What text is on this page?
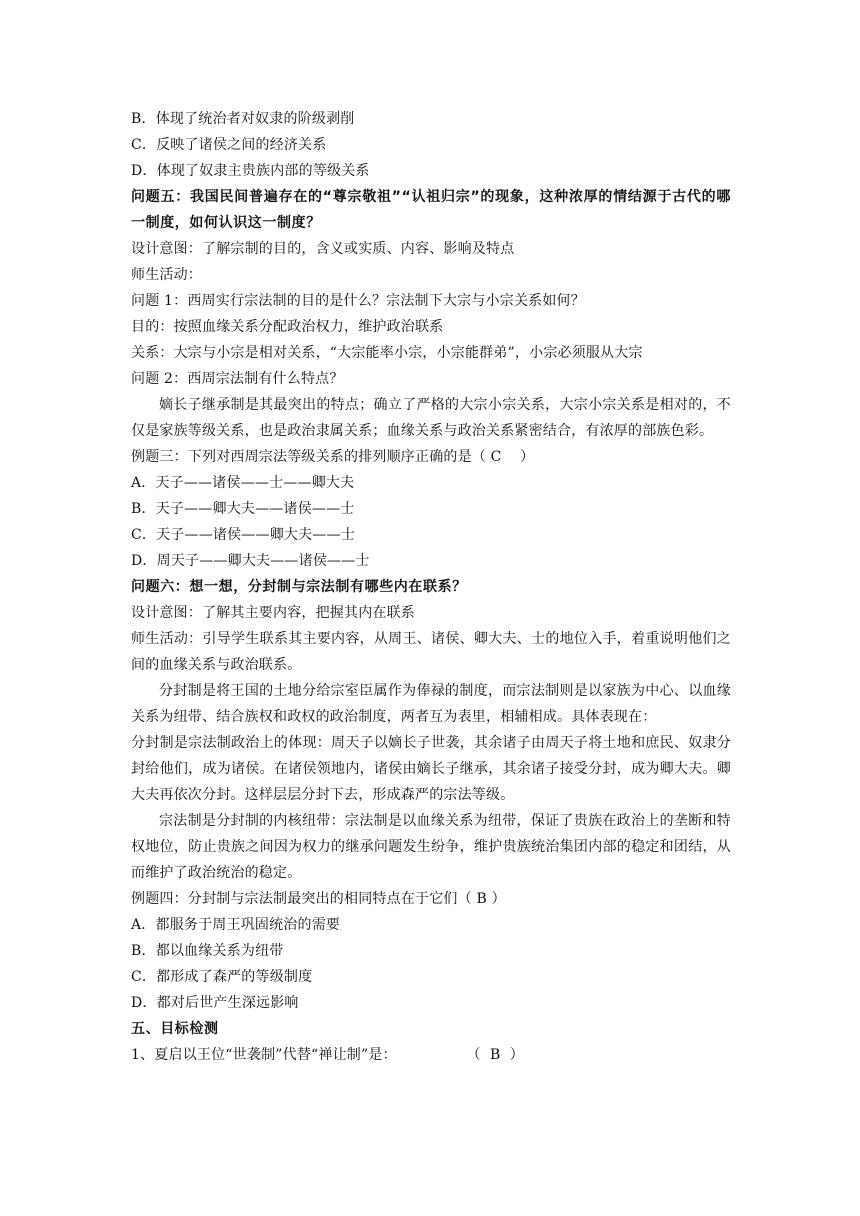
B．体现了统治者对奴隶的阶级剥削
C．反映了诸侯之间的经济关系
D．体现了奴隶主贵族内部的等级关系
问题五：我国民间普遍存在的“尊宗敬祖”“认祖归宗”的现象，这种浓厚的情结源于古代的哪一制度，如何认识这一制度？
设计意图：了解宗制的目的，含义或实质、内容、影响及特点
师生活动：
问题 1：西周实行宗法制的目的是什么？宗法制下大宗与小宗关系如何？
目的：按照血缘关系分配政治权力，维护政治联系
关系：大宗与小宗是相对关系，“大宗能率小宗，小宗能群弟”，小宗必须服从大宗
问题 2：西周宗法制有什么特点？
嫡长子继承制是其最突出的特点；确立了严格的大宗小宗关系，大宗小宗关系是相对的，不仅是家族等级关系，也是政治隶属关系；血缘关系与政治关系紧密结合，有浓厚的部族色彩。
例题三：下列对西周宗法等级关系的排列顺序正确的是（ C    ）
A．天子——诸侯——士——卿大夫
B．天子——卿大夫——诸侯——士
C．天子——诸侯——卿大夫——士
D．周天子——卿大夫——诸侯——士
问题六：想一想，分封制与宗法制有哪些内在联系？
设计意图：了解其主要内容，把握其内在联系
师生活动：引导学生联系其主要内容，从周王、诸侯、卿大夫、士的地位入手，着重说明他们之间的血缘关系与政治联系。
分封制是将王国的土地分给宗室臣属作为俸禄的制度，而宗法制则是以家族为中心、以血缘关系为纽带、结合族权和政权的政治制度，两者互为表里，相辅相成。具体表现在：
分封制是宗法制政治上的体现：周天子以嫡长子世袭，其余诸子由周天子将土地和庶民、奴隶分封给他们，成为诸侯。在诸侯领地内，诸侯由嫡长子继承，其余诸子接受分封，成为卿大夫。卿大夫再依次分封。这样层层分封下去，形成森严的宗法等级。
宗法制是分封制的内核纽带：宗法制是以血缘关系为纽带，保证了贵族在政治上的垄断和特权地位，防止贵族之间因为权力的继承问题发生纷争，维护贵族统治集团内部的稳定和团结，从而维护了政治统治的稳定。
例题四：分封制与宗法制最突出的相同特点在于它们（ B ）
A．都服务于周王巩固统治的需要
B．都以血缘关系为纽带
C．都形成了森严的等级制度
D．都对后世产生深远影响
五、目标检测
1、夏启以王位“世袭制”代替“禅让制”是：               （  B  ）
